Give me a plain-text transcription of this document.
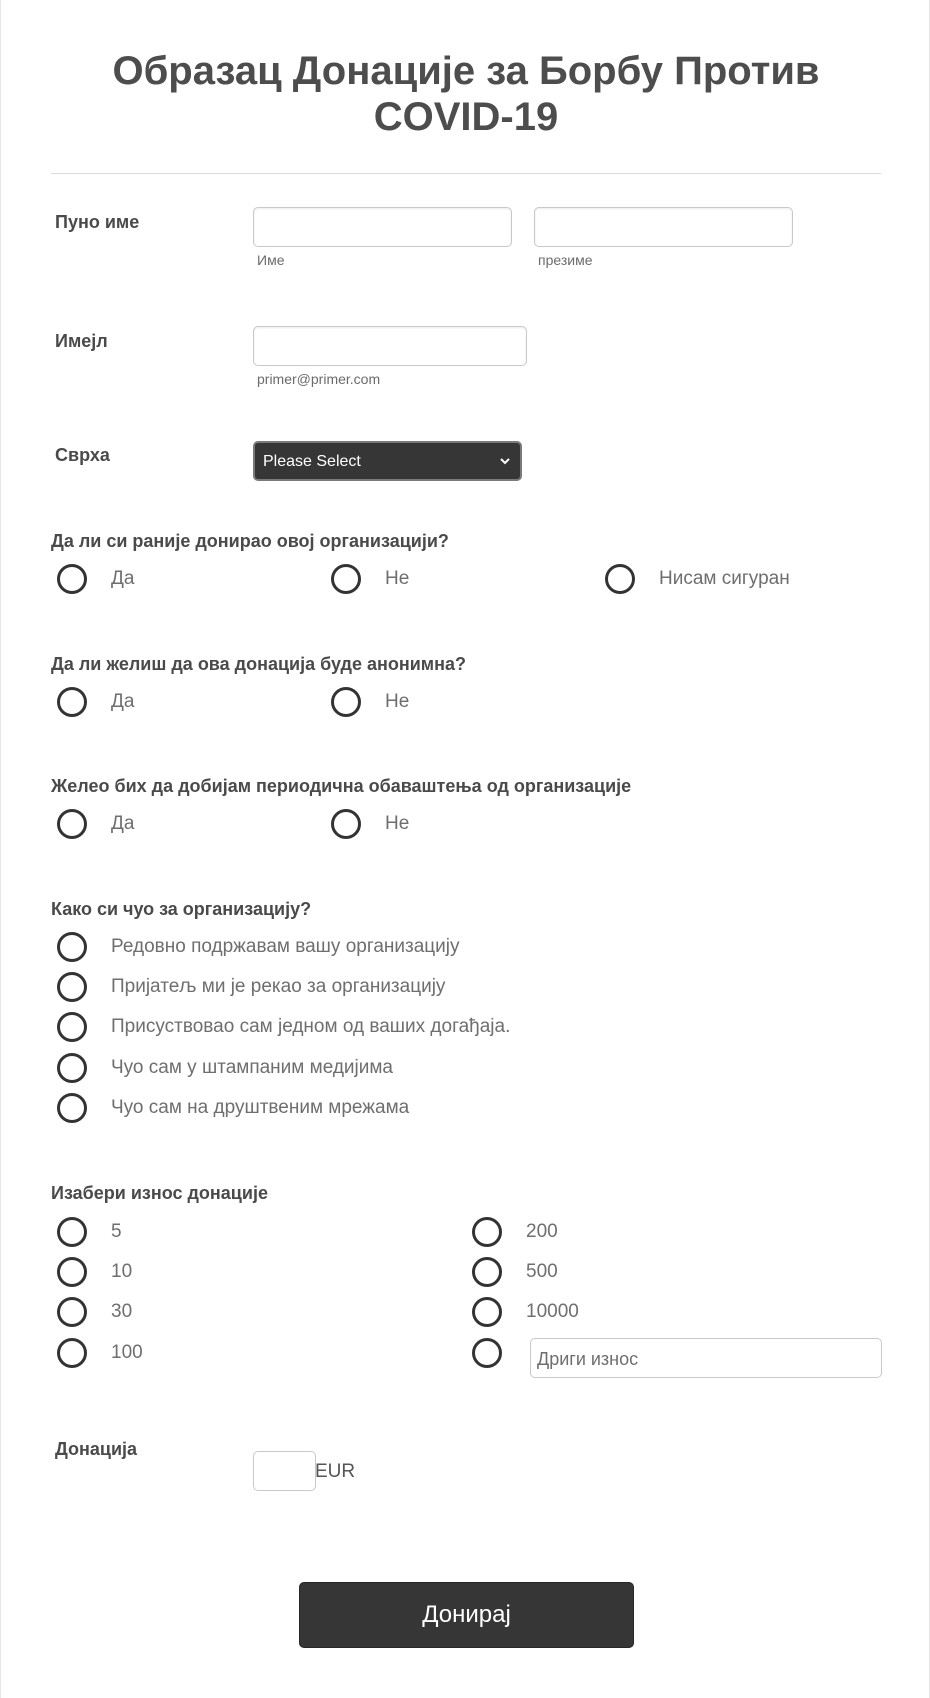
Образац Донације за Борбу Против
COVID-19
Пуно име
Име	презиме
Имејл
primer@primer.com
Сврха	Please Select
Да ли си раније донирао овој организацији?
Да	Не	Нисам сигуран
Да ли желиш да ова донација буде анонимна?
Да	Не
Желео бих да добијам периодична обаваштења од организације
Да	Не
Како си чуо за организацију?
Редовно подржавам вашу организацију
Пријатељ ми је рекао за организацију
Присуствовао сам једном од ваших догађаја.
Чуо сам у штампаним медијима
Чуо сам на друштвеним мрежама
Изабери износ донације
5
10
30
100
200
500
10000
Дриги износ
Донација
EUR
Донирај
